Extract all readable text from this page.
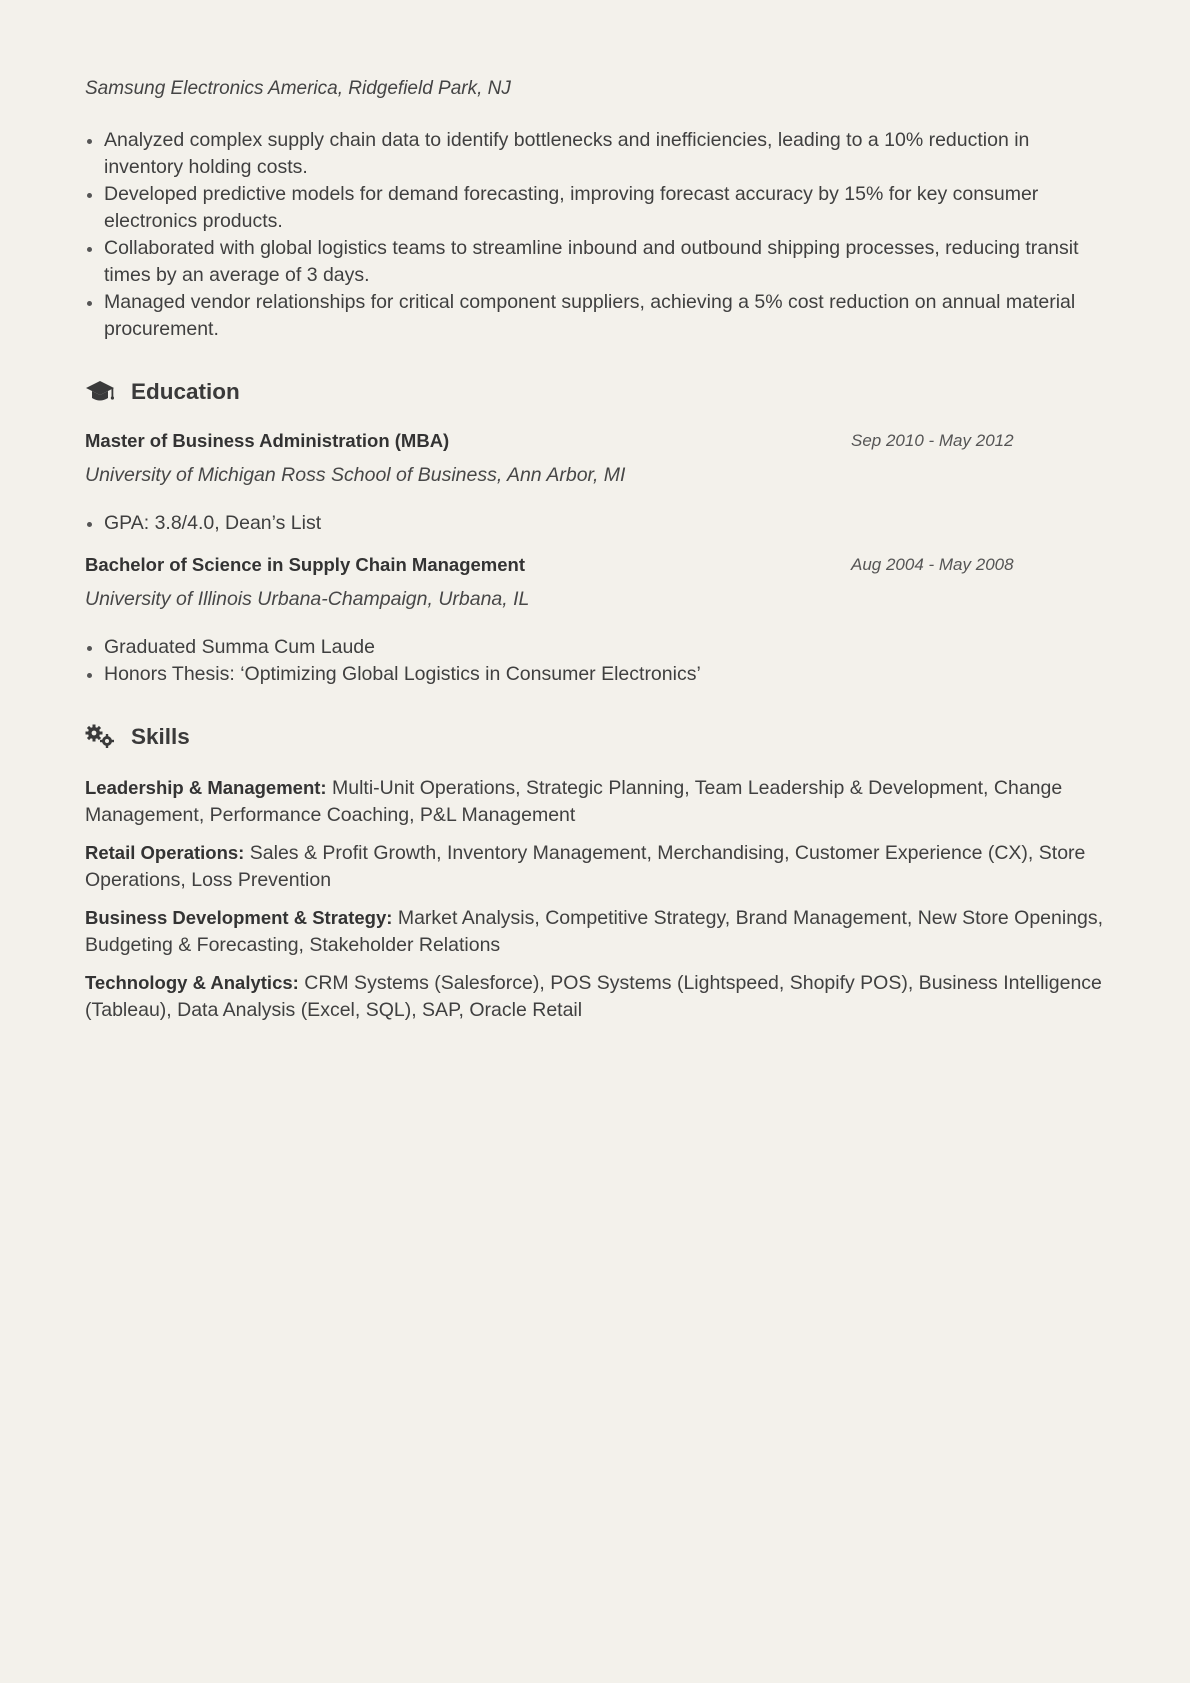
Samsung Electronics America, Ridgefield Park, NJ
Analyzed complex supply chain data to identify bottlenecks and inefficiencies, leading to a 10% reduction in inventory holding costs.
Developed predictive models for demand forecasting, improving forecast accuracy by 15% for key consumer electronics products.
Collaborated with global logistics teams to streamline inbound and outbound shipping processes, reducing transit times by an average of 3 days.
Managed vendor relationships for critical component suppliers, achieving a 5% cost reduction on annual material procurement.
Education
Master of Business Administration (MBA)	Sep 2010 - May 2012
University of Michigan Ross School of Business, Ann Arbor, MI
GPA: 3.8/4.0, Dean’s List
Bachelor of Science in Supply Chain Management	Aug 2004 - May 2008
University of Illinois Urbana-Champaign, Urbana, IL
Graduated Summa Cum Laude
Honors Thesis: ‘Optimizing Global Logistics in Consumer Electronics’
Skills
Leadership & Management: Multi-Unit Operations, Strategic Planning, Team Leadership & Development, Change Management, Performance Coaching, P&L Management
Retail Operations: Sales & Profit Growth, Inventory Management, Merchandising, Customer Experience (CX), Store Operations, Loss Prevention
Business Development & Strategy: Market Analysis, Competitive Strategy, Brand Management, New Store Openings, Budgeting & Forecasting, Stakeholder Relations
Technology & Analytics: CRM Systems (Salesforce), POS Systems (Lightspeed, Shopify POS), Business Intelligence (Tableau), Data Analysis (Excel, SQL), SAP, Oracle Retail
